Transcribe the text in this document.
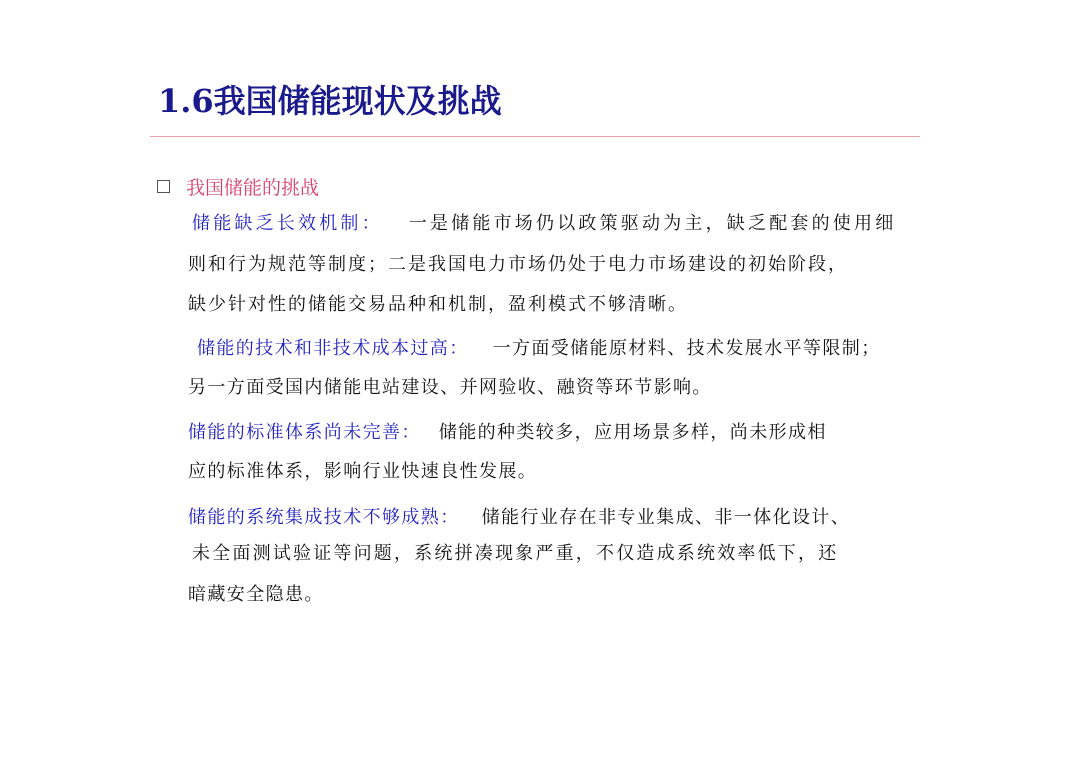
1.6我国储能现状及挑战
我国储能的挑战
储能缺乏长效机制： 一是储能市场仍以政策驱动为主，缺乏配套的使用细
则和行为规范等制度；二是我国电力市场仍处于电力市场建设的初始阶段，
缺少针对性的储能交易品种和机制，盈利模式不够清晰。
储能的技术和非技术成本过高： 一方面受储能原材料、技术发展水平等限制；
另一方面受国内储能电站建设、并网验收、融资等环节影响。
储能的标准体系尚未完善： 储能的种类较多，应用场景多样，尚未形成相
应的标准体系，影响行业快速良性发展。
储能的系统集成技术不够成熟： 储能行业存在非专业集成、非一体化设计、
未全面测试验证等问题，系统拼凑现象严重，不仅造成系统效率低下，还
暗藏安全隐患。
